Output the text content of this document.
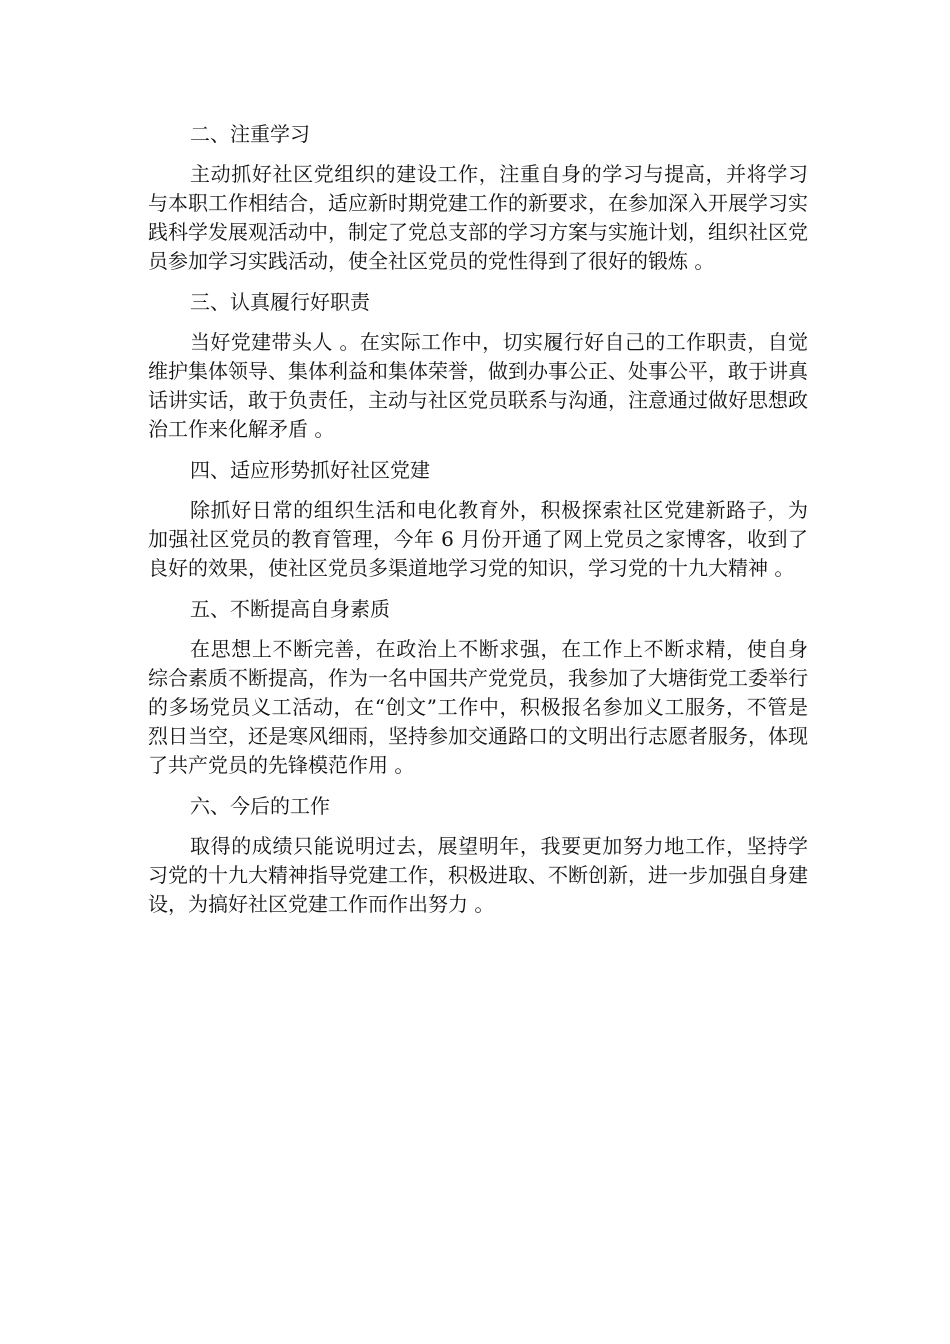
二、注重学习

主动抓好社区党组织的建设工作，注重自身的学习与提高，并将学习与本职工作相结合，适应新时期党建工作的新要求，在参加深入开展学习实践科学发展观活动中，制定了党总支部的学习方案与实施计划，组织社区党员参加学习实践活动，使全社区党员的党性得到了很好的锻炼 。

三、认真履行好职责

当好党建带头人 。在实际工作中，切实履行好自己的工作职责，自觉维护集体领导、集体利益和集体荣誉，做到办事公正、处事公平，敢于讲真话讲实话，敢于负责任，主动与社区党员联系与沟通，注意通过做好思想政治工作来化解矛盾 。

四、适应形势抓好社区党建

除抓好日常的组织生活和电化教育外，积极探索社区党建新路子，为加强社区党员的教育管理，今年 6 月份开通了网上党员之家博客，收到了良好的效果，使社区党员多渠道地学习党的知识，学习党的十九大精神 。

五、不断提高自身素质

在思想上不断完善，在政治上不断求强，在工作上不断求精，使自身综合素质不断提高，作为一名中国共产党党员，我参加了大塘街党工委举行的多场党员义工活动，在“创文”工作中，积极报名参加义工服务，不管是烈日当空，还是寒风细雨，坚持参加交通路口的文明出行志愿者服务，体现了共产党员的先锋模范作用 。

六、今后的工作

取得的成绩只能说明过去，展望明年，我要更加努力地工作，坚持学习党的十九大精神指导党建工作，积极进取、不断创新，进一步加强自身建设，为搞好社区党建工作而作出努力 。
